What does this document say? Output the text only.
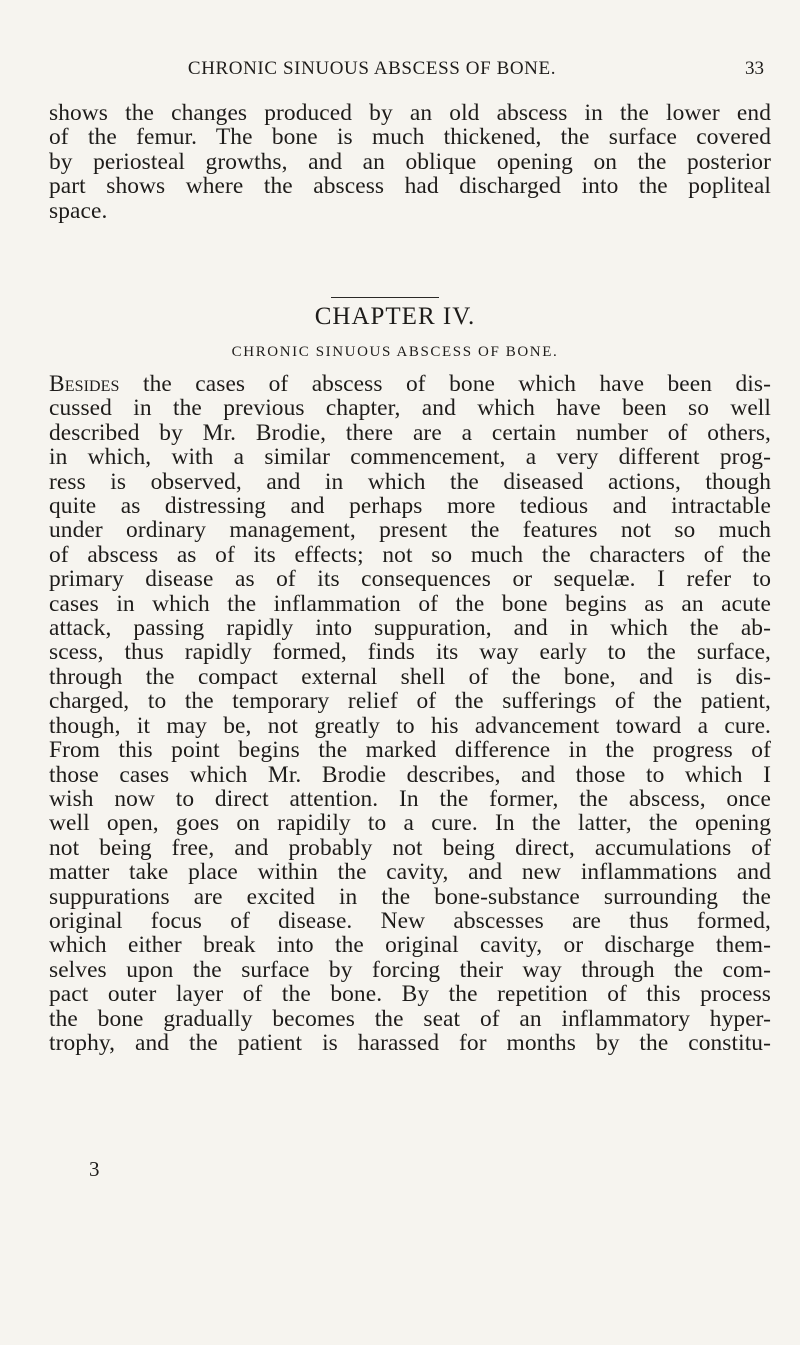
CHRONIC SINUOUS ABSCESS OF BONE.	33
shows the changes produced by an old abscess in the lower end
of the femur. The bone is much thickened, the surface covered
by periosteal growths, and an oblique opening on the posterior
part shows where the abscess had discharged into the popliteal
space.
CHAPTER IV.
CHRONIC SINUOUS ABSCESS OF BONE.
Besides the cases of abscess of bone which have been dis-
cussed in the previous chapter, and which have been so well
described by Mr. Brodie, there are a certain number of others,
in which, with a similar commencement, a very different prog-
ress is observed, and in which the diseased actions, though
quite as distressing and perhaps more tedious and intractable
under ordinary management, present the features not so much
of abscess as of its effects; not so much the characters of the
primary disease as of its consequences or sequelæ. I refer to
cases in which the inflammation of the bone begins as an acute
attack, passing rapidly into suppuration, and in which the ab-
scess, thus rapidly formed, finds its way early to the surface,
through the compact external shell of the bone, and is dis-
charged, to the temporary relief of the sufferings of the patient,
though, it may be, not greatly to his advancement toward a cure.
From this point begins the marked difference in the progress of
those cases which Mr. Brodie describes, and those to which I
wish now to direct attention. In the former, the abscess, once
well open, goes on rapidily to a cure. In the latter, the opening
not being free, and probably not being direct, accumulations of
matter take place within the cavity, and new inflammations and
suppurations are excited in the bone-substance surrounding the
original focus of disease. New abscesses are thus formed,
which either break into the original cavity, or discharge them-
selves upon the surface by forcing their way through the com-
pact outer layer of the bone. By the repetition of this process
the bone gradually becomes the seat of an inflammatory hyper-
trophy, and the patient is harassed for months by the constitu-
3
